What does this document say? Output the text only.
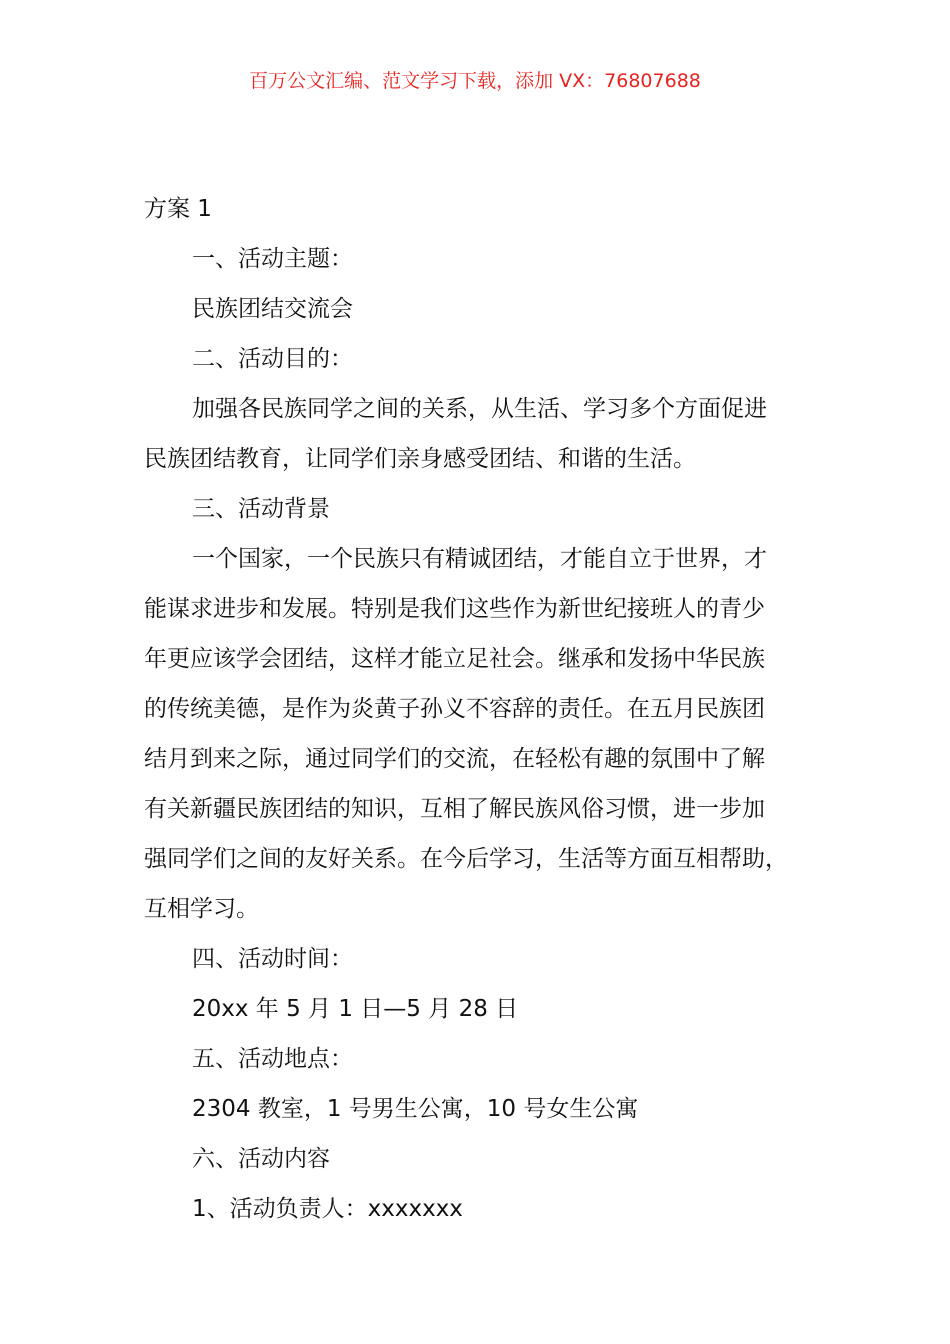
百万公文汇编、范文学习下载，添加 VX：76807688
方案 1
一、活动主题：
民族团结交流会
二、活动目的：
加强各民族同学之间的关系，从生活、学习多个方面促进
民族团结教育，让同学们亲身感受团结、和谐的生活。
三、活动背景
一个国家，一个民族只有精诚团结，才能自立于世界，才
能谋求进步和发展。特别是我们这些作为新世纪接班人的青少
年更应该学会团结，这样才能立足社会。继承和发扬中华民族
的传统美德，是作为炎黄子孙义不容辞的责任。在五月民族团
结月到来之际，通过同学们的交流，在轻松有趣的氛围中了解
有关新疆民族团结的知识，互相了解民族风俗习惯，进一步加
强同学们之间的友好关系。在今后学习，生活等方面互相帮助，
互相学习。
四、活动时间：
20xx 年 5 月 1 日—5 月 28 日
五、活动地点：
2304 教室，1 号男生公寓，10 号女生公寓
六、活动内容
1、活动负责人：xxxxxxx
